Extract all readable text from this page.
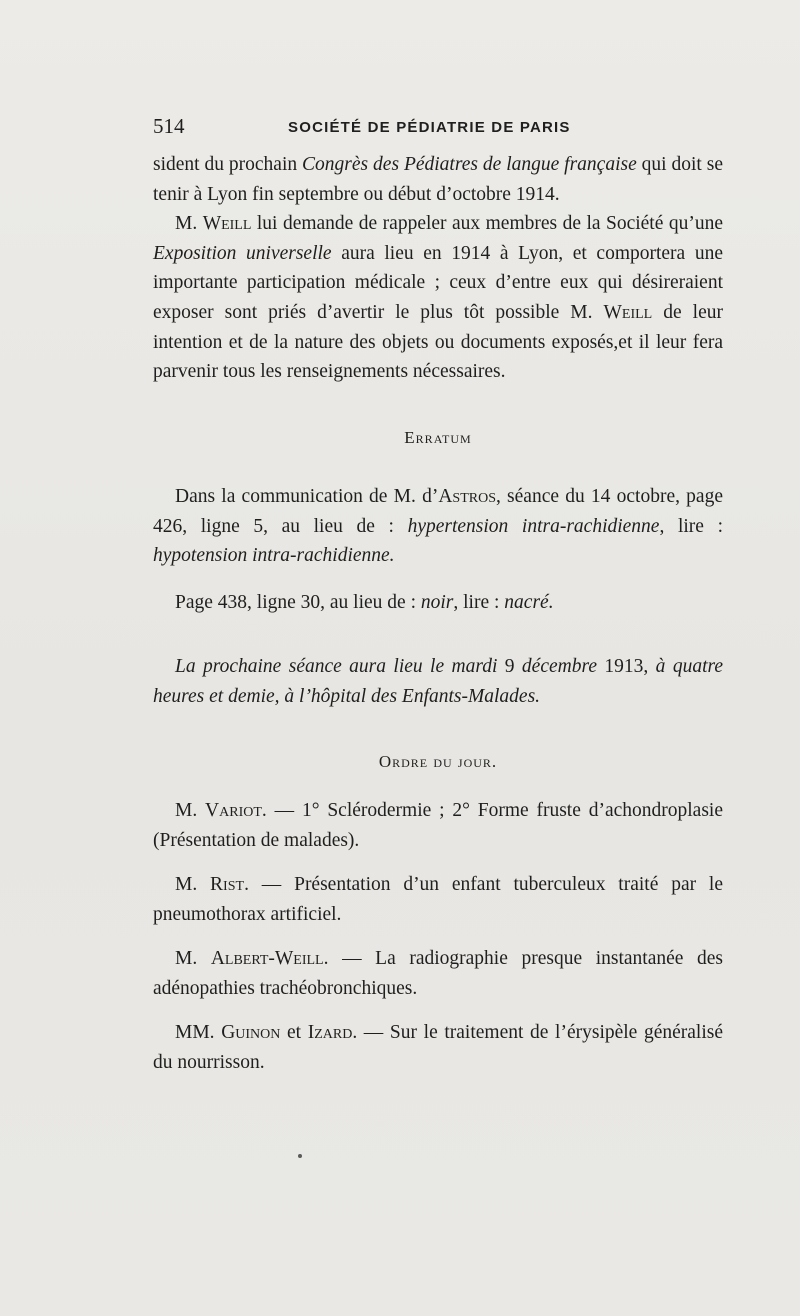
514	SOCIÉTÉ DE PÉDIATRIE DE PARIS

sident du prochain Congrès des Pédiatres de langue française qui doit se tenir à Lyon fin septembre ou début d’octobre 1914.

M. Weill lui demande de rappeler aux membres de la Société qu’une Exposition universelle aura lieu en 1914 à Lyon, et comportera une importante participation médicale ; ceux d’entre eux qui désireraient exposer sont priés d’avertir le plus tôt possible M. Weill de leur intention et de la nature des objets ou documents exposés,et il leur fera parvenir tous les renseignements nécessaires.

Erratum

Dans la communication de M. d’Astros, séance du 14 octobre, page 426, ligne 5, au lieu de : hypertension intra-rachidienne, lire : hypotension intra-rachidienne.

Page 438, ligne 30, au lieu de : noir, lire : nacré.

La prochaine séance aura lieu le mardi 9 décembre 1913, à quatre heures et demie, à l’hôpital des Enfants-Malades.

Ordre du jour.

M. Variot. — 1° Sclérodermie ; 2° Forme fruste d’achondroplasie (Présentation de malades).

M. Rist. — Présentation d’un enfant tuberculeux traité par le pneumothorax artificiel.

M. Albert-Weill. — La radiographie presque instantanée des adénopathies trachéobronchiques.

MM. Guinon et Izard. — Sur le traitement de l’érysipèle généralisé du nourrisson.
